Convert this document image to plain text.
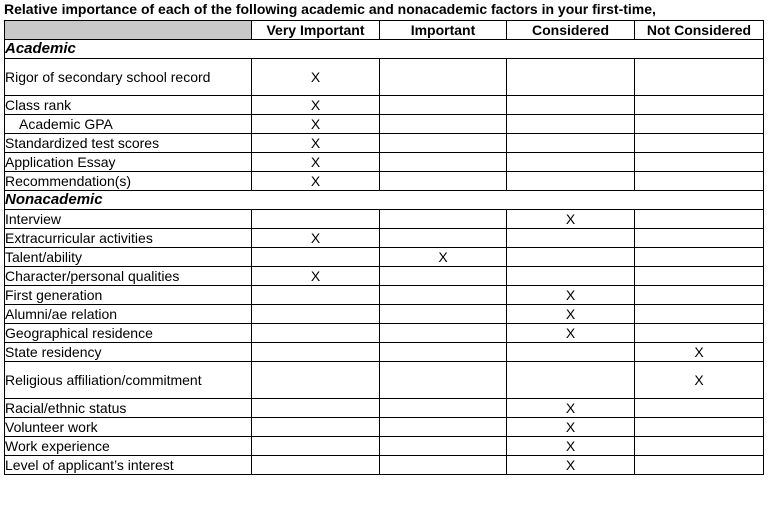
Relative importance of each of the following academic and nonacademic factors in your first-time,
	Very Important	Important	Considered	Not Considered
Academic				
Rigor of secondary school record	X			
Class rank	X			
Academic GPA	X			
Standardized test scores	X			
Application Essay	X			
Recommendation(s)	X			
Nonacademic				
Interview			X	
Extracurricular activities	X			
Talent/ability		X		
Character/personal qualities	X			
First generation			X	
Alumni/ae relation			X	
Geographical residence			X	
State residency				X
Religious affiliation/commitment				X
Racial/ethnic status			X	
Volunteer work			X	
Work experience			X	
Level of applicant’s interest			X	
